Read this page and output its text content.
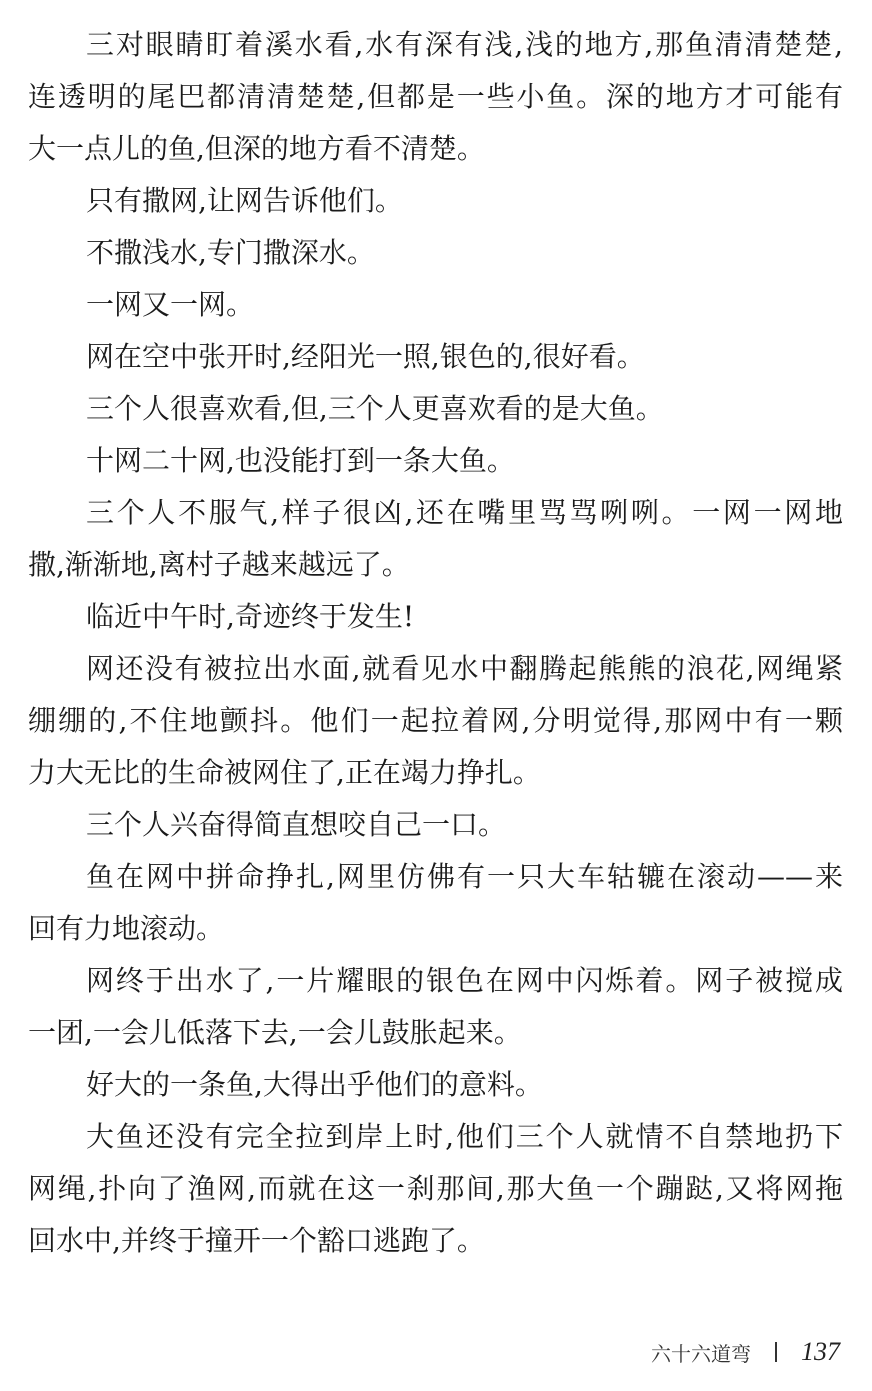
三对眼睛盯着溪水看,水有深有浅,浅的地方,那鱼清清楚楚,
连透明的尾巴都清清楚楚,但都是一些小鱼。深的地方才可能有
大一点儿的鱼,但深的地方看不清楚。
只有撒网,让网告诉他们。
不撒浅水,专门撒深水。
一网又一网。
网在空中张开时,经阳光一照,银色的,很好看。
三个人很喜欢看,但,三个人更喜欢看的是大鱼。
十网二十网,也没能打到一条大鱼。
三个人不服气,样子很凶,还在嘴里骂骂咧咧。一网一网地
撒,渐渐地,离村子越来越远了。
临近中午时,奇迹终于发生!
网还没有被拉出水面,就看见水中翻腾起熊熊的浪花,网绳紧
绷绷的,不住地颤抖。他们一起拉着网,分明觉得,那网中有一颗
力大无比的生命被网住了,正在竭力挣扎。
三个人兴奋得简直想咬自己一口。
鱼在网中拼命挣扎,网里仿佛有一只大车轱辘在滚动——来
回有力地滚动。
网终于出水了,一片耀眼的银色在网中闪烁着。网子被搅成
一团,一会儿低落下去,一会儿鼓胀起来。
好大的一条鱼,大得出乎他们的意料。
大鱼还没有完全拉到岸上时,他们三个人就情不自禁地扔下
网绳,扑向了渔网,而就在这一刹那间,那大鱼一个蹦跶,又将网拖
回水中,并终于撞开一个豁口逃跑了。
六十六道弯 137
